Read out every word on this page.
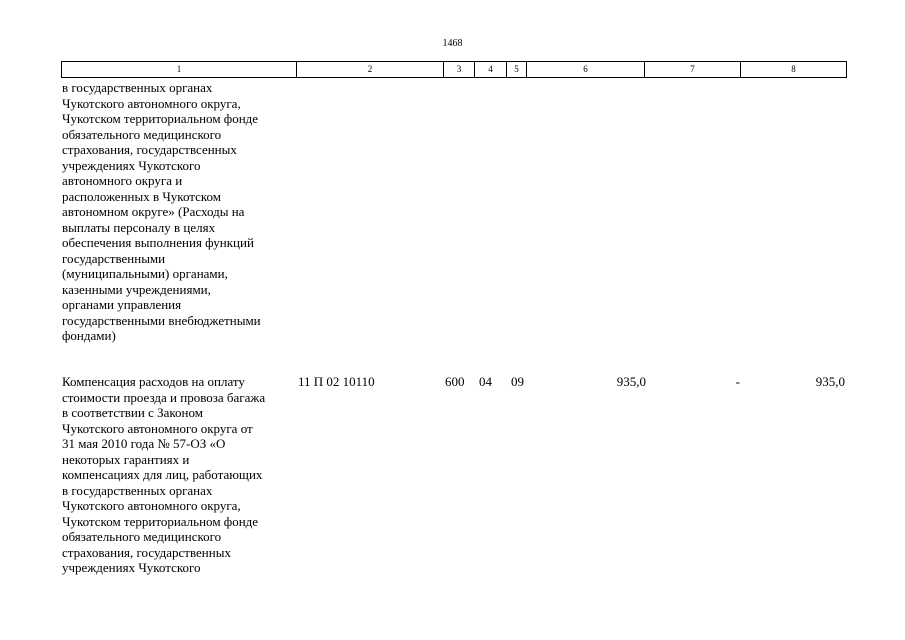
1468
1	2	3	4	5	6	7	8
в государственных органах
Чукотского автономного округа,
Чукотском территориальном фонде
обязательного медицинского
страхования, государствсенных
учреждениях Чукотского
автономного округа и
расположенных в Чукотском
автономном округе» (Расходы на
выплаты персоналу в целях
обеспечения выполнения функций
государственными
(муниципальными) органами,
казенными учреждениями,
органами управления
государственными внебюджетными
фондами)
Компенсация расходов на оплату
стоимости проезда и провоза багажа
в соответствии с Законом
Чукотского автономного округа от
31 мая 2010 года № 57-ОЗ «О
некоторых гарантиях и
компенсациях для лиц, работающих
в государственных органах
Чукотского автономного округа,
Чукотском территориальном фонде
обязательного медицинского
страхования, государственных
учреждениях Чукотского
11 П 02 10110	600 04 09	935,0	-	935,0
